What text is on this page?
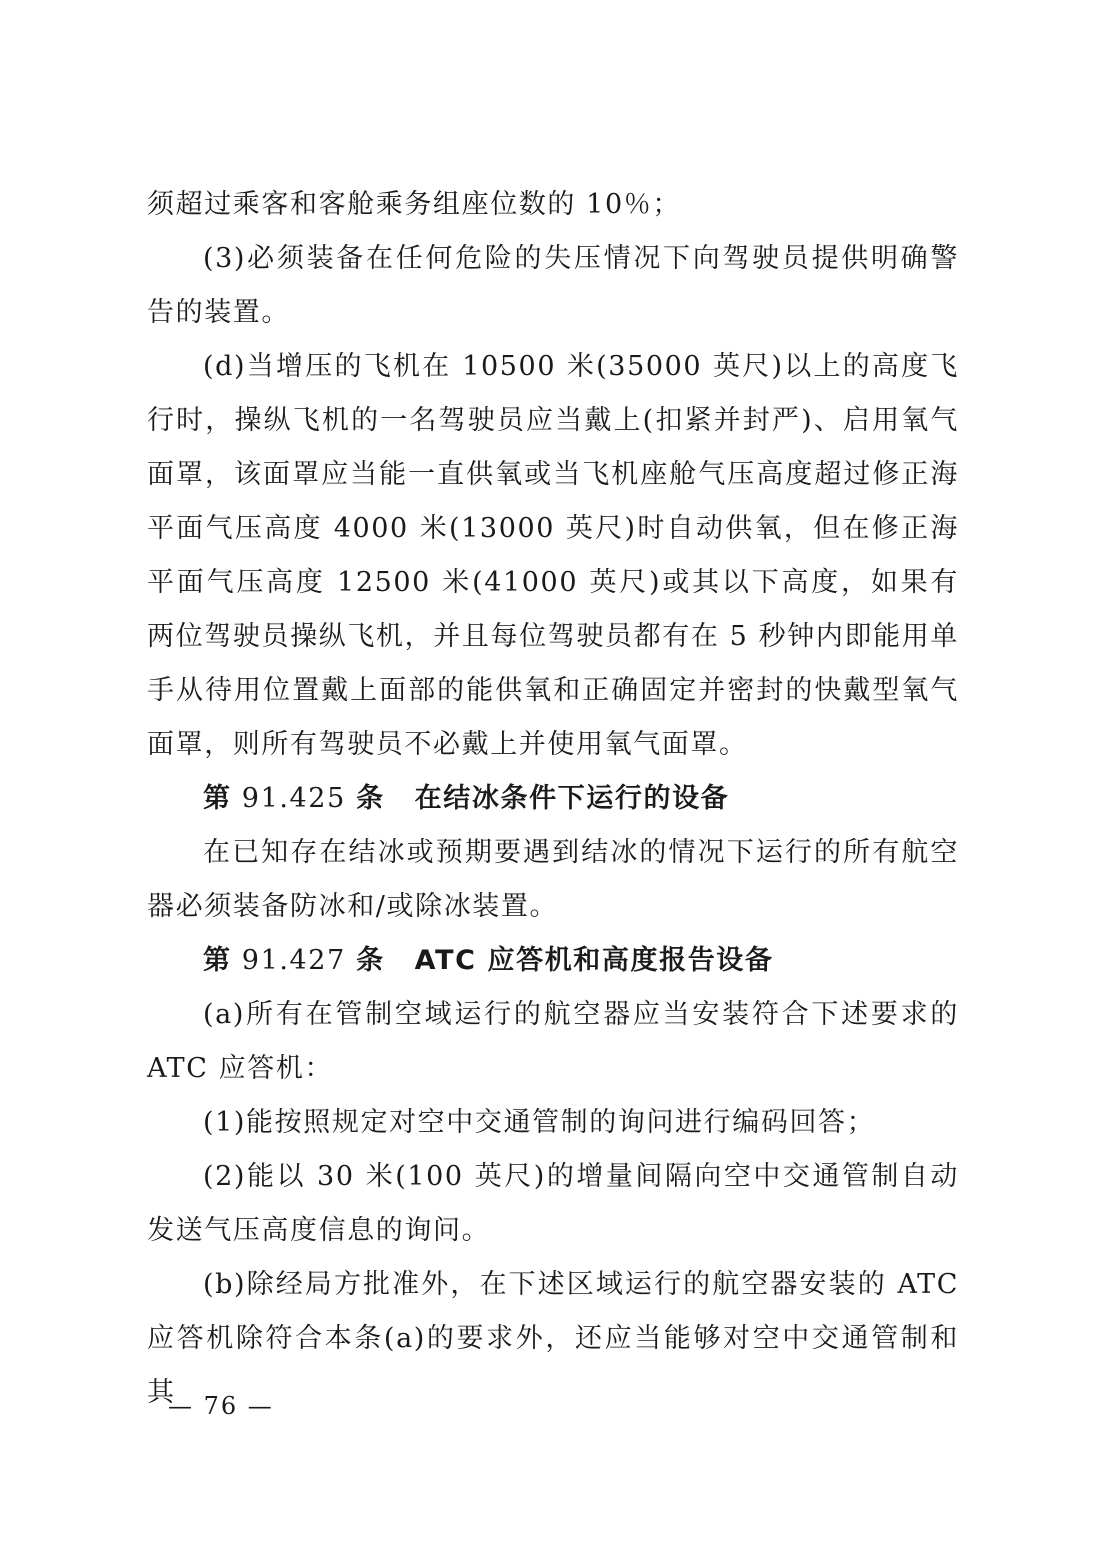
须超过乘客和客舱乘务组座位数的 10％；

(3)必须装备在任何危险的失压情况下向驾驶员提供明确警告的装置。

(d)当增压的飞机在 10500 米(35000 英尺)以上的高度飞行时，操纵飞机的一名驾驶员应当戴上(扣紧并封严)、启用氧气面罩，该面罩应当能一直供氧或当飞机座舱气压高度超过修正海平面气压高度 4000 米(13000 英尺)时自动供氧，但在修正海平面气压高度 12500 米(41000 英尺)或其以下高度，如果有两位驾驶员操纵飞机，并且每位驾驶员都有在 5 秒钟内即能用单手从待用位置戴上面部的能供氧和正确固定并密封的快戴型氧气面罩，则所有驾驶员不必戴上并使用氧气面罩。

第 91.425 条 在结冰条件下运行的设备

在已知存在结冰或预期要遇到结冰的情况下运行的所有航空器必须装备防冰和/或除冰装置。

第 91.427 条 ATC 应答机和高度报告设备

(a)所有在管制空域运行的航空器应当安装符合下述要求的 ATC 应答机：

(1)能按照规定对空中交通管制的询问进行编码回答；

(2)能以 30 米(100 英尺)的增量间隔向空中交通管制自动发送气压高度信息的询问。

(b)除经局方批准外，在下述区域运行的航空器安装的 ATC 应答机除符合本条(a)的要求外，还应当能够对空中交通管制和其

— 76 —
